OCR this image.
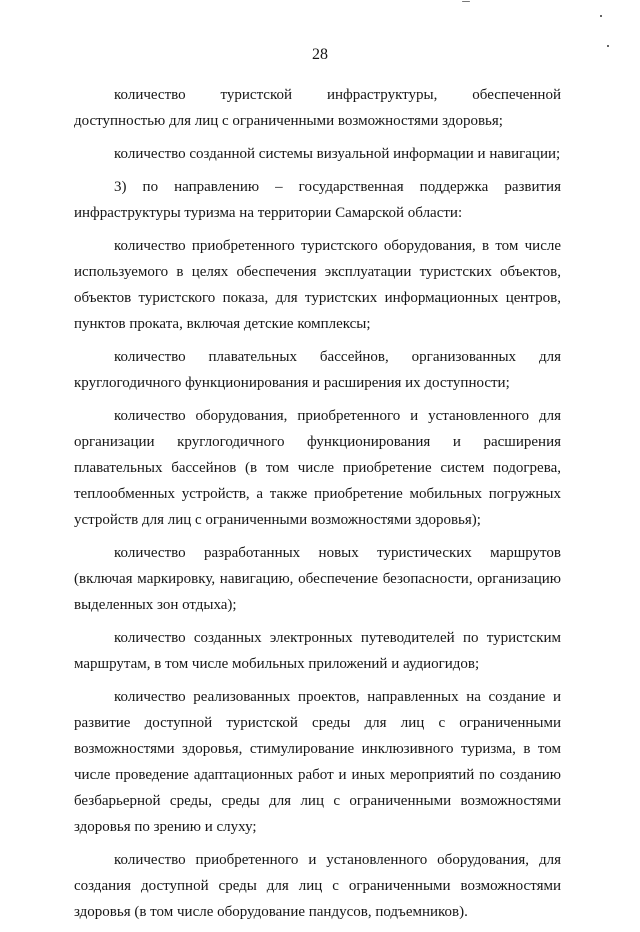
28

количество туристской инфраструктуры, обеспеченной доступностью для лиц с ограниченными возможностями здоровья;

количество созданной системы визуальной информации и навигации;

3) по направлению – государственная поддержка развития инфраструктуры туризма на территории Самарской области:

количество приобретенного туристского оборудования, в том числе используемого в целях обеспечения эксплуатации туристских объектов, объектов туристского показа, для туристских информационных центров, пунктов проката, включая детские комплексы;

количество плавательных бассейнов, организованных для круглогодичного функционирования и расширения их доступности;

количество оборудования, приобретенного и установленного для организации круглогодичного функционирования и расширения плавательных бассейнов (в том числе приобретение систем подогрева, теплообменных устройств, а также приобретение мобильных погружных устройств для лиц с ограниченными возможностями здоровья);

количество разработанных новых туристических маршрутов (включая маркировку, навигацию, обеспечение безопасности, организацию выделенных зон отдыха);

количество созданных электронных путеводителей по туристским маршрутам, в том числе мобильных приложений и аудиогидов;

количество реализованных проектов, направленных на создание и развитие доступной туристской среды для лиц с ограниченными возможностями здоровья, стимулирование инклюзивного туризма, в том числе проведение адаптационных работ и иных мероприятий по созданию безбарьерной среды, среды для лиц с ограниченными возможностями здоровья по зрению и слуху;

количество приобретенного и установленного оборудования, для создания доступной среды для лиц с ограниченными возможностями здоровья (в том числе оборудование пандусов, подъемников).
